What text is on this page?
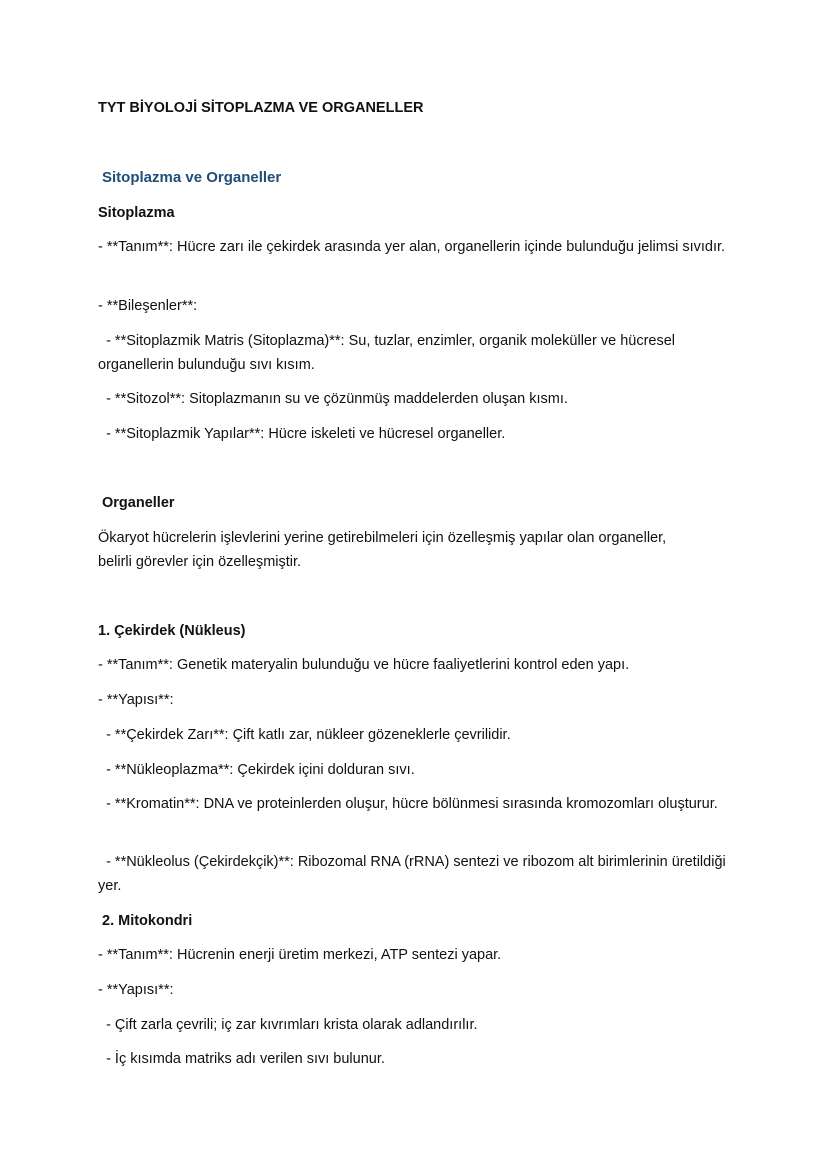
TYT BİYOLOJİ SİTOPLAZMA VE ORGANELLER

Sitoplazma ve Organeller

Sitoplazma

- **Tanım**: Hücre zarı ile çekirdek arasında yer alan, organellerin içinde bulunduğu jelimsi sıvıdır.

- **Bileşenler**:

- **Sitoplazmik Matris (Sitoplazma)**: Su, tuzlar, enzimler, organik moleküller ve hücresel organellerin bulunduğu sıvı kısım.

- **Sitozol**: Sitoplazmanın su ve çözünmüş maddelerden oluşan kısmı.

- **Sitoplazmik Yapılar**: Hücre iskeleti ve hücresel organeller.

Organeller

Ökaryot hücrelerin işlevlerini yerine getirebilmeleri için özelleşmiş yapılar olan organeller, belirli görevler için özelleşmiştir.

1. Çekirdek (Nükleus)

- **Tanım**: Genetik materyalin bulunduğu ve hücre faaliyetlerini kontrol eden yapı.

- **Yapısı**:

- **Çekirdek Zarı**: Çift katlı zar, nükleer gözeneklerle çevrilidir.

- **Nükleoplazma**: Çekirdek içini dolduran sıvı.

- **Kromatin**: DNA ve proteinlerden oluşur, hücre bölünmesi sırasında kromozomları oluşturur.

- **Nükleolus (Çekirdekçik)**: Ribozomal RNA (rRNA) sentezi ve ribozom alt birimlerinin üretildiği yer.

2. Mitokondri

- **Tanım**: Hücrenin enerji üretim merkezi, ATP sentezi yapar.

- **Yapısı**:

- Çift zarla çevrili; iç zar kıvrımları krista olarak adlandırılır.

- İç kısımda matriks adı verilen sıvı bulunur.
